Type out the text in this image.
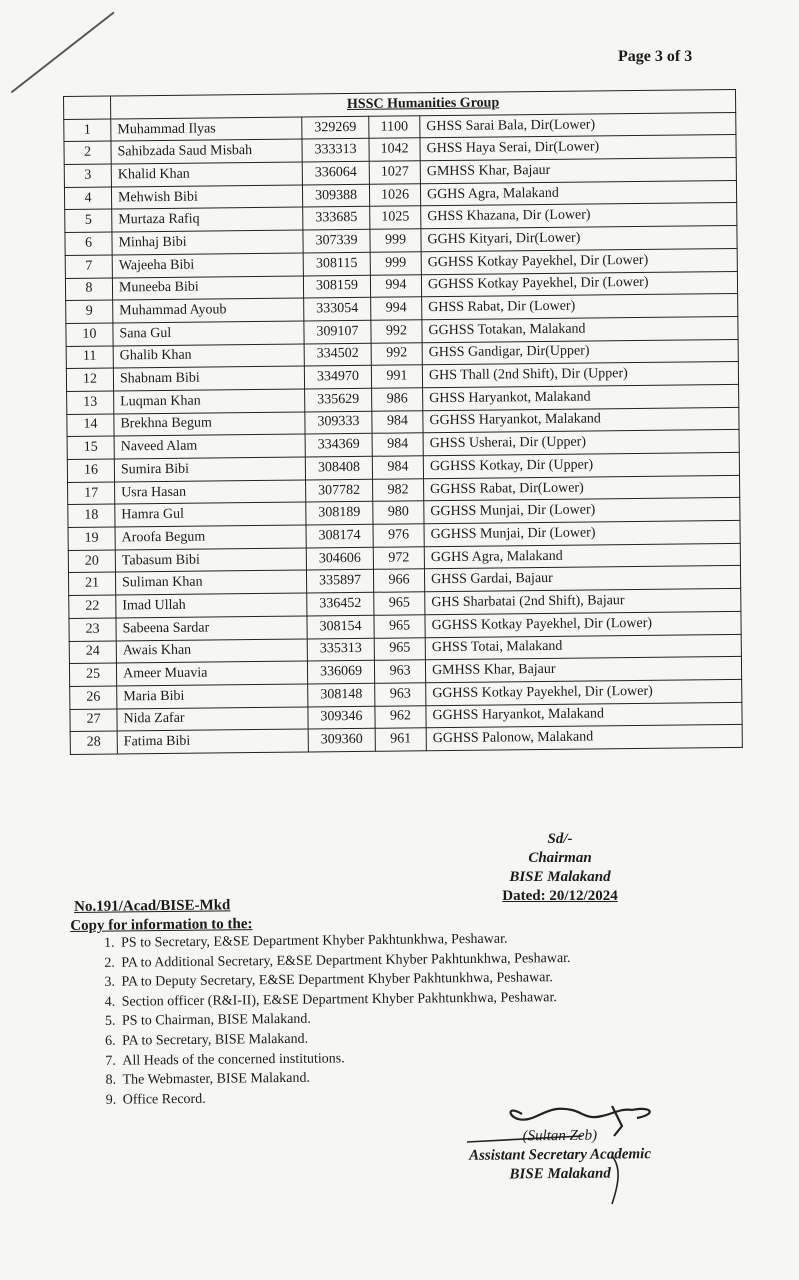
Page 3 of 3
	HSSC Humanities Group			
1	Muhammad Ilyas	329269	1100	GHSS Sarai Bala, Dir(Lower)
2	Sahibzada Saud Misbah	333313	1042	GHSS Haya Serai, Dir(Lower)
3	Khalid Khan	336064	1027	GMHSS Khar, Bajaur
4	Mehwish Bibi	309388	1026	GGHS Agra, Malakand
5	Murtaza Rafiq	333685	1025	GHSS Khazana, Dir (Lower)
6	Minhaj Bibi	307339	999	GGHS Kityari, Dir(Lower)
7	Wajeeha Bibi	308115	999	GGHSS Kotkay Payekhel, Dir (Lower)
8	Muneeba Bibi	308159	994	GGHSS Kotkay Payekhel, Dir (Lower)
9	Muhammad Ayoub	333054	994	GHSS Rabat, Dir (Lower)
10	Sana Gul	309107	992	GGHSS Totakan, Malakand
11	Ghalib Khan	334502	992	GHSS Gandigar, Dir(Upper)
12	Shabnam Bibi	334970	991	GHS Thall (2nd Shift), Dir (Upper)
13	Luqman Khan	335629	986	GHSS Haryankot, Malakand
14	Brekhna Begum	309333	984	GGHSS Haryankot, Malakand
15	Naveed Alam	334369	984	GHSS Usherai, Dir (Upper)
16	Sumira Bibi	308408	984	GGHSS Kotkay, Dir (Upper)
17	Usra Hasan	307782	982	GGHSS Rabat, Dir(Lower)
18	Hamra Gul	308189	980	GGHSS Munjai, Dir (Lower)
19	Aroofa Begum	308174	976	GGHSS Munjai, Dir (Lower)
20	Tabasum Bibi	304606	972	GGHS Agra, Malakand
21	Suliman Khan	335897	966	GHSS Gardai, Bajaur
22	Imad Ullah	336452	965	GHS Sharbatai (2nd Shift), Bajaur
23	Sabeena Sardar	308154	965	GGHSS Kotkay Payekhel, Dir (Lower)
24	Awais Khan	335313	965	GHSS Totai, Malakand
25	Ameer Muavia	336069	963	GMHSS Khar, Bajaur
26	Maria Bibi	308148	963	GGHSS Kotkay Payekhel, Dir (Lower)
27	Nida Zafar	309346	962	GGHSS Haryankot, Malakand
28	Fatima Bibi	309360	961	GGHSS Palonow, Malakand
Sd/-
Chairman
BISE Malakand
Dated: 20/12/2024
No.191/Acad/BISE-Mkd
Copy for information to the:
1. PS to Secretary, E&SE Department Khyber Pakhtunkhwa, Peshawar.
2. PA to Additional Secretary, E&SE Department Khyber Pakhtunkhwa, Peshawar.
3. PA to Deputy Secretary, E&SE Department Khyber Pakhtunkhwa, Peshawar.
4. Section officer (R&I-II), E&SE Department Khyber Pakhtunkhwa, Peshawar.
5. PS to Chairman, BISE Malakand.
6. PA to Secretary, BISE Malakand.
7. All Heads of the concerned institutions.
8. The Webmaster, BISE Malakand.
9. Office Record.
(Sultan Zeb)
Assistant Secretary Academic
BISE Malakand
